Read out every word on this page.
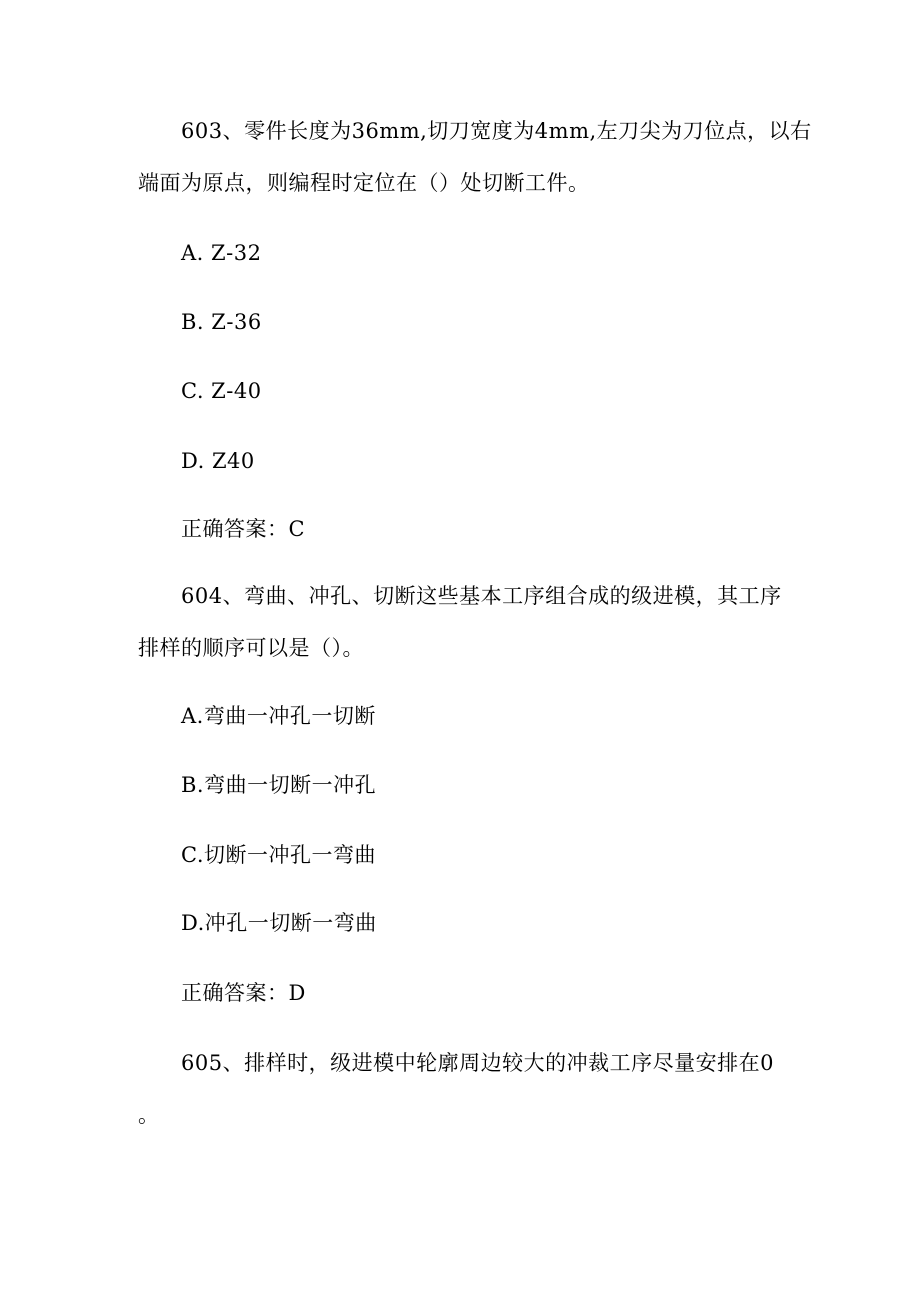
603、零件长度为36mm,切刀宽度为4mm,左刀尖为刀位点，以右
端面为原点，则编程时定位在（）处切断工件。
A. Z-32
B. Z-36
C. Z-40
D. Z40
正确答案：C
604、弯曲、冲孔、切断这些基本工序组合成的级进模，其工序
排样的顺序可以是（）。
A.弯曲一冲孔一切断
B.弯曲一切断一冲孔
C.切断一冲孔一弯曲
D.冲孔一切断一弯曲
正确答案：D
605、排样时，级进模中轮廓周边较大的冲裁工序尽量安排在0
。
